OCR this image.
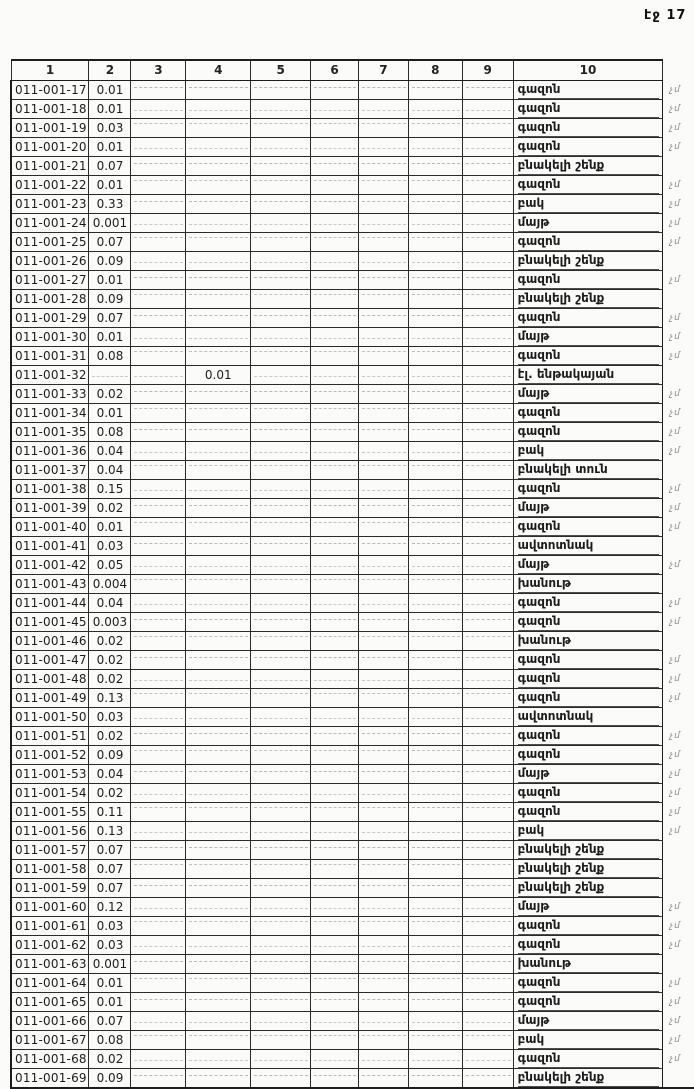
էջ 17
1	2	3	4	5	6	7	8	9	10	
011-001-17	0.01								գազոն	չմ
011-001-18	0.01								գազոն	չմ
011-001-19	0.03								գազոն	չմ
011-001-20	0.01								գազոն	չմ
011-001-21	0.07								բնակելի շենք	

011-001-22	0.01								գազոն	չմ
011-001-23	0.33								բակ	չմ
011-001-24	0.001								մայթ	չմ
011-001-25	0.07								գազոն	չմ
011-001-26	0.09								բնակելի շենք	

011-001-27	0.01								գազոն	չմ
011-001-28	0.09								բնակելի շենք	

011-001-29	0.07								գազոն	չմ
011-001-30	0.01								մայթ	չմ
011-001-31	0.08								գազոն	չմ
011-001-32			0.01						էլ. ենթակայան	

011-001-33	0.02								մայթ	չմ
011-001-34	0.01								գազոն	չմ
011-001-35	0.08								գազոն	չմ
011-001-36	0.04								բակ	չմ
011-001-37	0.04								բնակելի տուն	

011-001-38	0.15								գազոն	չմ
011-001-39	0.02								մայթ	չմ
011-001-40	0.01								գազոն	չմ
011-001-41	0.03								ավտոտնակ	

011-001-42	0.05								մայթ	չմ
011-001-43	0.004								խանութ	

011-001-44	0.04								գազոն	չմ
011-001-45	0.003								գազոն	չմ
011-001-46	0.02								խանութ	

011-001-47	0.02								գազոն	չմ
011-001-48	0.02								գազոն	չմ
011-001-49	0.13								գազոն	չմ
011-001-50	0.03								ավտոտնակ	

011-001-51	0.02								գազոն	չմ
011-001-52	0.09								գազոն	չմ
011-001-53	0.04								մայթ	չմ
011-001-54	0.02								գազոն	չմ
011-001-55	0.11								գազոն	չմ
011-001-56	0.13								բակ	չմ
011-001-57	0.07								բնակելի շենք	

011-001-58	0.07								բնակելի շենք	

011-001-59	0.07								բնակելի շենք	

011-001-60	0.12								մայթ	չմ
011-001-61	0.03								գազոն	չմ
011-001-62	0.03								գազոն	չմ
011-001-63	0.001								խանութ	

011-001-64	0.01								գազոն	չմ
011-001-65	0.01								գազոն	չմ
011-001-66	0.07								մայթ	չմ
011-001-67	0.08								բակ	չմ
011-001-68	0.02								գազոն	չմ
011-001-69	0.09								բնակելի շենք	
